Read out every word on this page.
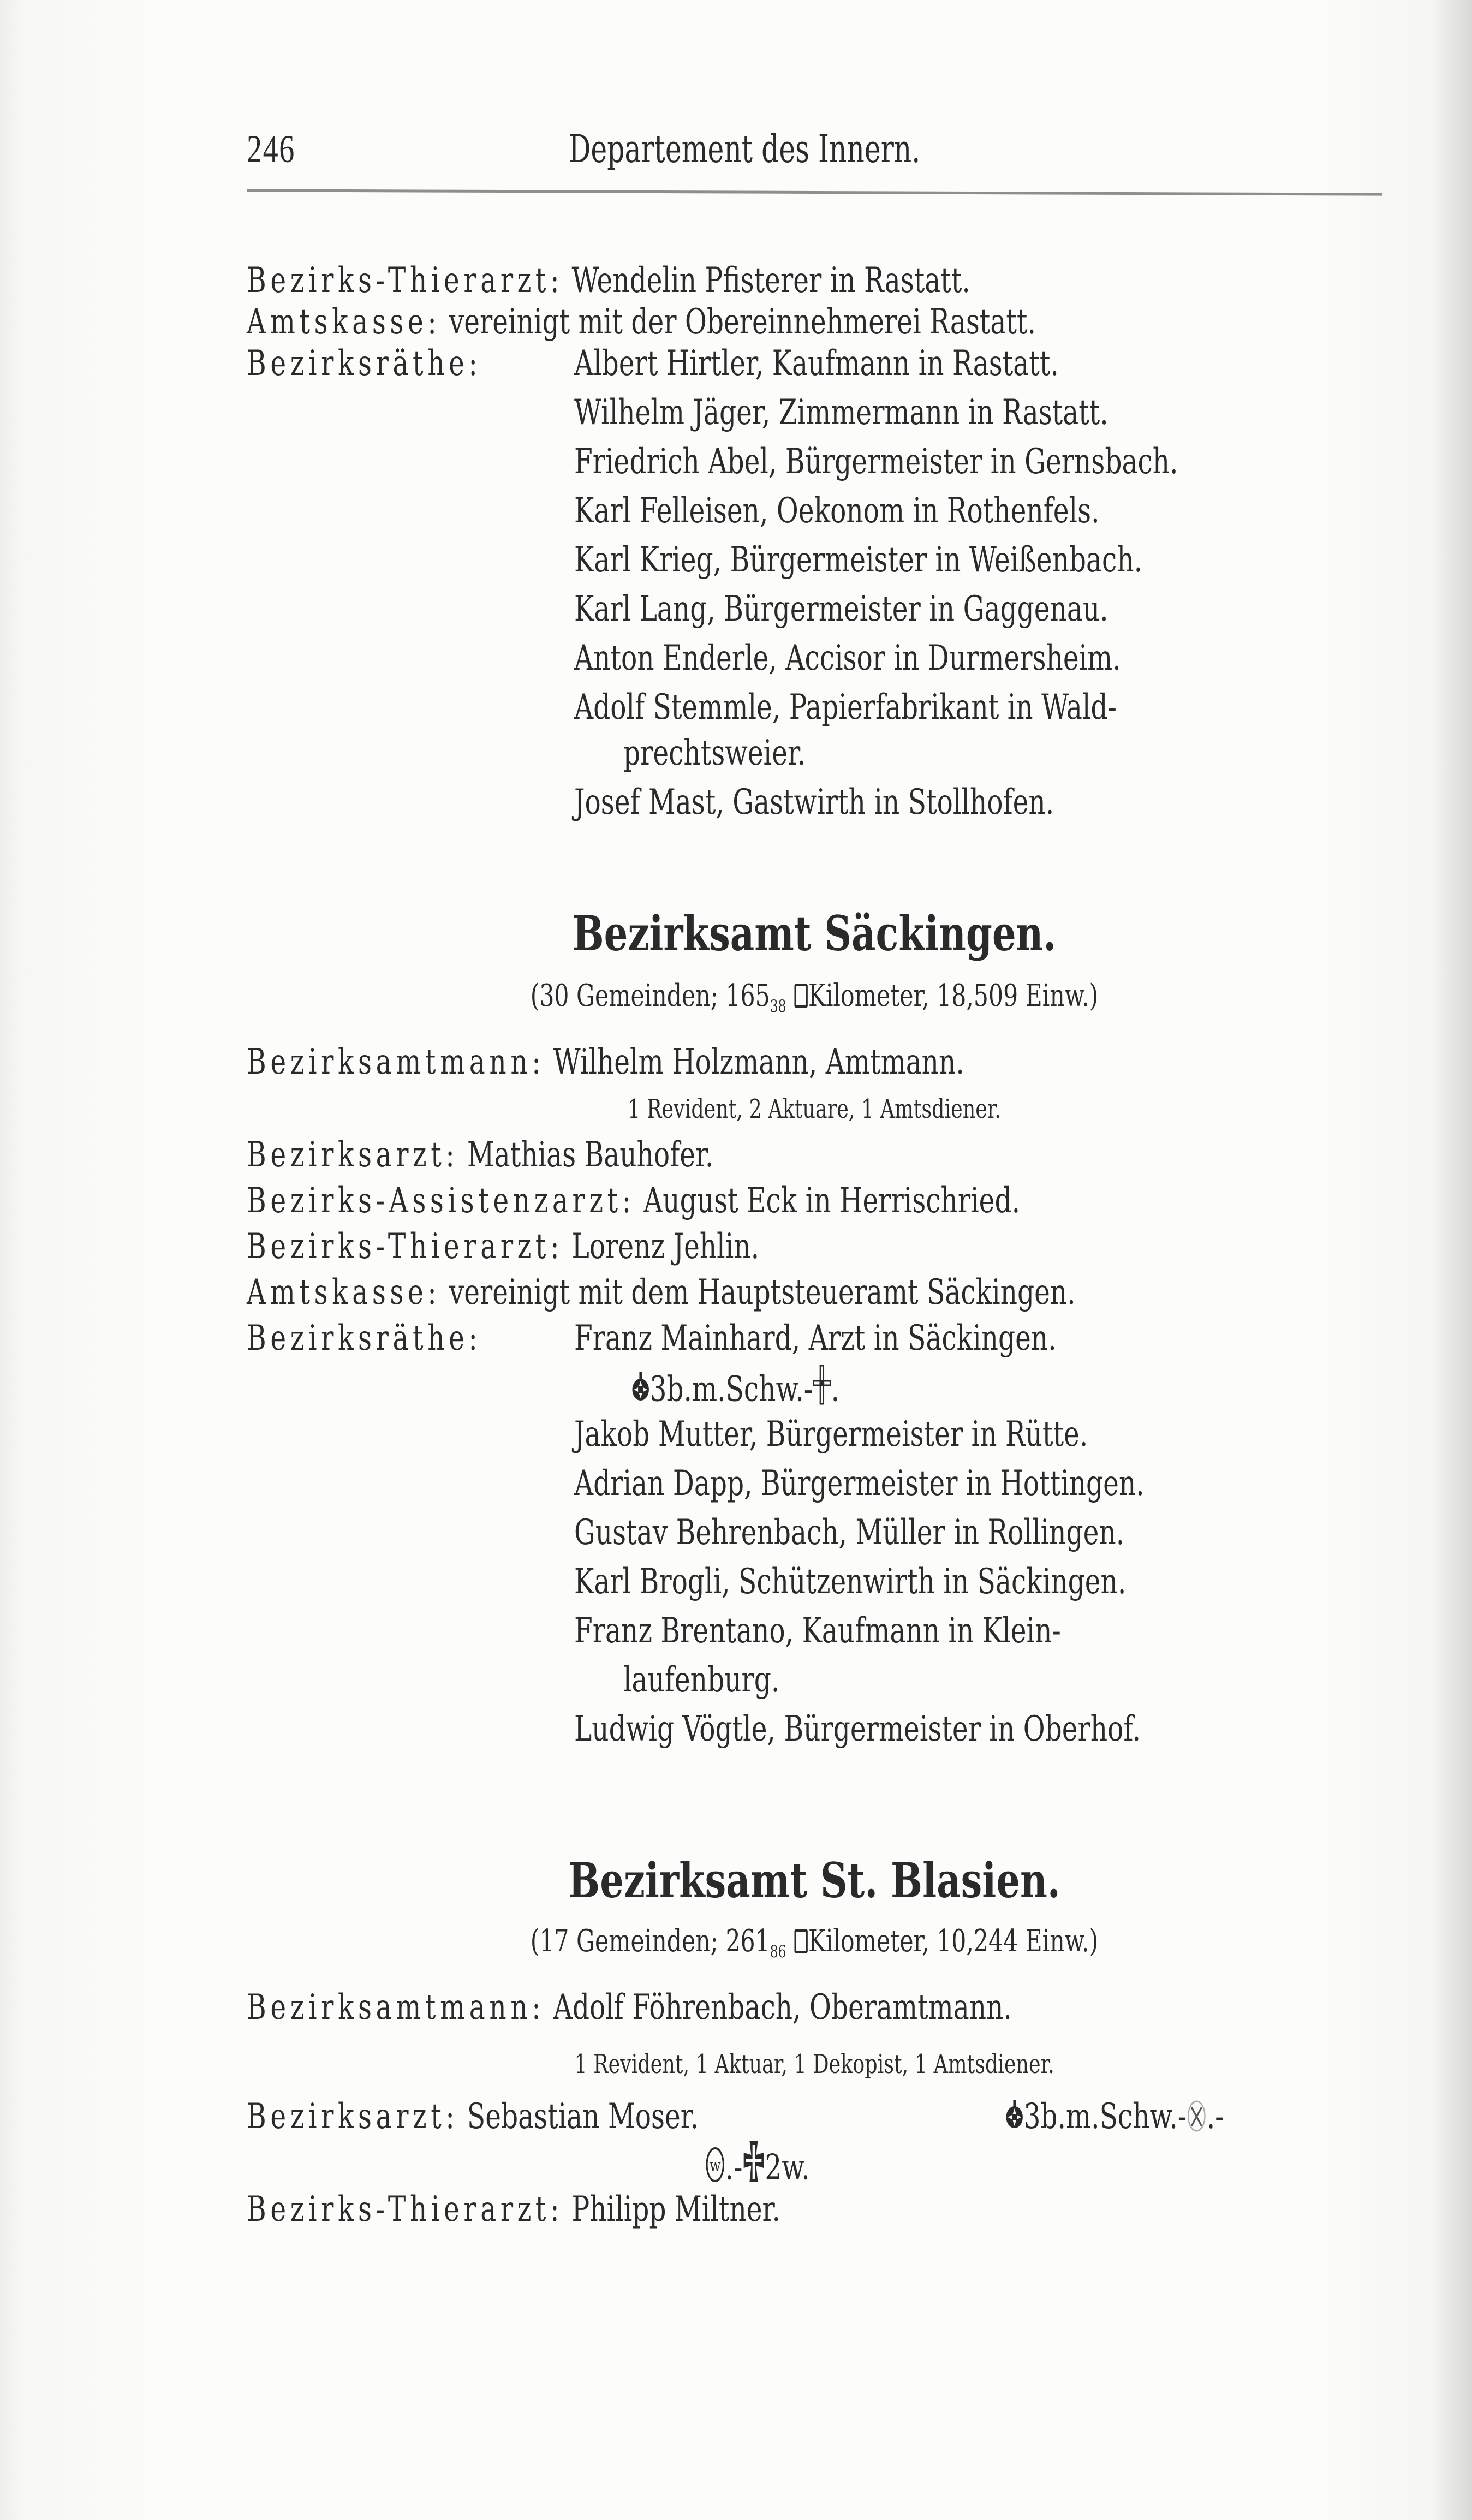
246	Departement des Innern.
Bezirks-Thierarzt: Wendelin Pfisterer in Rastatt.
Amtskasse: vereinigt mit der Obereinnehmerei Rastatt.
Bezirksräthe:	Albert Hirtler, Kaufmann in Rastatt.
Wilhelm Jäger, Zimmermann in Rastatt.
Friedrich Abel, Bürgermeister in Gernsbach.
Karl Felleisen, Oekonom in Rothenfels.
Karl Krieg, Bürgermeister in Weißenbach.
Karl Lang, Bürgermeister in Gaggenau.
Anton Enderle, Accisor in Durmersheim.
Adolf Stemmle, Papierfabrikant in Wald-
prechtsweier.
Josef Mast, Gastwirth in Stollhofen.
Bezirksamt Säckingen.
(30 Gemeinden; $165_{38}$ Kilometer, 18,509 Einw.)
Bezirksamtmann: Wilhelm Holzmann, Amtmann.
1 Revident, 2 Aktuare, 1 Amtsdiener.
Bezirksarzt: Mathias Bauhofer.
Bezirks-Assistenzarzt: August Eck in Herrischried.
Bezirks-Thierarzt: Lorenz Jehlin.
Amtskasse: vereinigt mit dem Hauptsteueramt Säckingen.
Bezirksräthe:	Franz Mainhard, Arzt in Säckingen.
3b.m.Schw.- .
Jakob Mutter, Bürgermeister in Rütte.
Adrian Dapp, Bürgermeister in Hottingen.
Gustav Behrenbach, Müller in Rollingen.
Karl Brogli, Schützenwirth in Säckingen.
Franz Brentano, Kaufmann in Klein-
laufenburg.
Ludwig Vögtle, Bürgermeister in Oberhof.
Bezirksamt St. Blasien.
(17 Gemeinden; $261_{86}$ Kilometer, 10,244 Einw.)
Bezirksamtmann: Adolf Föhrenbach, Oberamtmann.
1 Revident, 1 Aktuar, 1 Dekopist, 1 Amtsdiener.
Bezirksarzt: Sebastian Moser.	3b.m.Schw.- .-
w .- 2w.
Bezirks-Thierarzt: Philipp Miltner.
